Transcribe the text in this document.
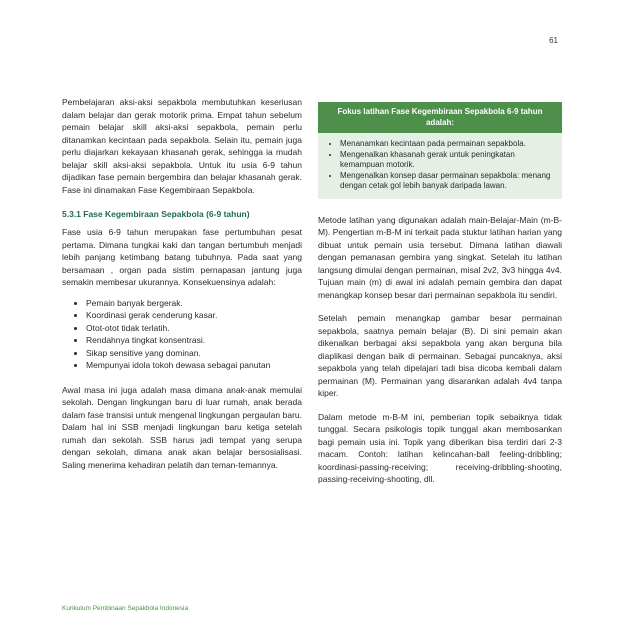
61

Pembelajaran aksi-aksi sepakbola membutuhkan keseriusan dalam belajar dan gerak motorik prima. Empat tahun sebelum pemain belajar skill aksi-aksi sepakbola, pemain perlu ditanamkan kecintaan pada sepakbola. Selain itu, pemain juga perlu diajarkan kekayaan khasanah gerak, sehingga ia mudah belajar skill aksi-aksi sepakbola. Untuk itu usia 6-9 tahun dijadikan fase pemain bergembira dan belajar khasanah gerak. Fase ini dinamakan Fase Kegembiraan Sepakbola.

5.3.1 Fase Kegembiraan Sepakbola (6-9 tahun)

Fase usia 6-9 tahun merupakan fase pertumbuhan pesat pertama. Dimana tungkai kaki dan tangan bertumbuh menjadi lebih panjang ketimbang batang tubuhnya. Pada saat yang bersamaan , organ pada sistim pernapasan jantung juga semakin membesar ukurannya. Konsekuensinya adalah:

• Pemain banyak bergerak.
• Koordinasi gerak cenderung kasar.
• Otot-otot tidak terlatih.
• Rendahnya tingkat konsentrasi.
• Sikap sensitive yang dominan.
• Mempunyai idola tokoh dewasa sebagai panutan

Awal masa ini juga adalah masa dimana anak-anak memulai sekolah. Dengan lingkungan baru di luar rumah, anak berada dalam fase transisi untuk mengenal lingkungan pergaulan baru. Dalam hal ini SSB menjadi lingkungan baru ketiga setelah rumah dan sekolah. SSB harus jadi tempat yang serupa dengan sekolah, dimana anak akan belajar bersosialisasi. Saling menerima kehadiran pelatih dan teman-temannya.

Fokus latihan Fase Kegembiraan Sepakbola 6-9 tahun adalah:
• Menanamkan kecintaan pada permainan sepakbola.
• Mengenalkan khasanah gerak untuk peningkatan kemampuan motorik.
• Mengenalkan konsep dasar permainan sepakbola: menang dengan cetak gol lebih banyak daripada lawan.

Metode latihan yang digunakan adalah main-Belajar-Main (m-B-M). Pengertian m-B-M ini terkait pada stuktur latihan harian yang dibuat untuk pemain usia tersebut. Dimana latihan diawali dengan pemanasan gembira yang singkat. Setelah itu latihan langsung dimulai dengan permainan, misal 2v2, 3v3 hingga 4v4. Tujuan main (m) di awal ini adalah pemain gembira dan dapat menangkap konsep besar dari permainan sepakbola itu sendiri.

Setelah pemain menangkap gambar besar permainan sepakbola, saatnya pemain belajar (B). Di sini pemain akan dikenalkan berbagai aksi sepakbola yang akan berguna bila diaplikasi dengan baik di permainan. Sebagai puncaknya, aksi sepakbola yang telah dipelajari tadi bisa dicoba kembali dalam permainan (M). Permainan yang disarankan adalah 4v4 tanpa kiper.

Dalam metode m-B-M ini, pemberian topik sebaiknya tidak tunggal. Secara psikologis topik tunggal akan membosankan bagi pemain usia ini. Topik yang diberikan bisa terdiri dari 2-3 macam. Contoh: latihan kelincahan-ball feeling-dribbling; koordinasi-passing-receiving; receiving-dribbling-shooting, passing-receiving-shooting, dll.

Kurikulum Pembinaan Sepakbola Indonesia
